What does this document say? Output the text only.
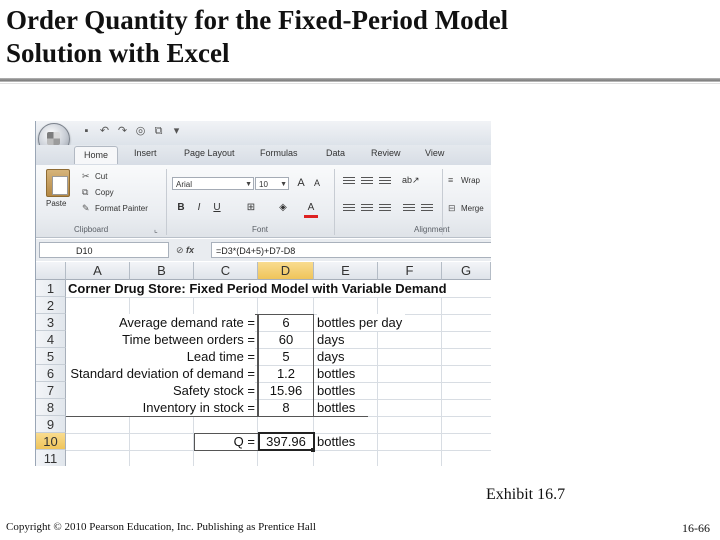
Order Quantity for the Fixed-Period Model
Solution with Excel
▪	↶ ↷ ◎ ⧉	▾
Home	Insert	Page Layout	Formulas	Data	Review	View
Paste
✂ Cut
⧉ Copy
✎ Format Painter
Clipboard	⌞
Arial	▼ 10 ▼ A	A
B	I	U	⊞	◈	A
Font
ab↗	≡ Wrap
⊟ Merge
Alignment
D10	⊘ fx	=D3*(D4+5)+D7-D8
A	B	C	D	E	F	G
1
2
3
4
5
6
7
8
9
10
11
Corner Drug Store: Fixed Period Model with Variable Demand
Average demand rate =	6	bottles per day
Time between orders =	60	days
Lead time =	5	days
Standard deviation of demand =	1.2	bottles
Safety stock =	15.96	bottles
Inventory in stock =	8	bottles
Q = 397.96 bottles
Exhibit 16.7
Copyright © 2010 Pearson Education, Inc. Publishing as Prentice Hall	16-66
